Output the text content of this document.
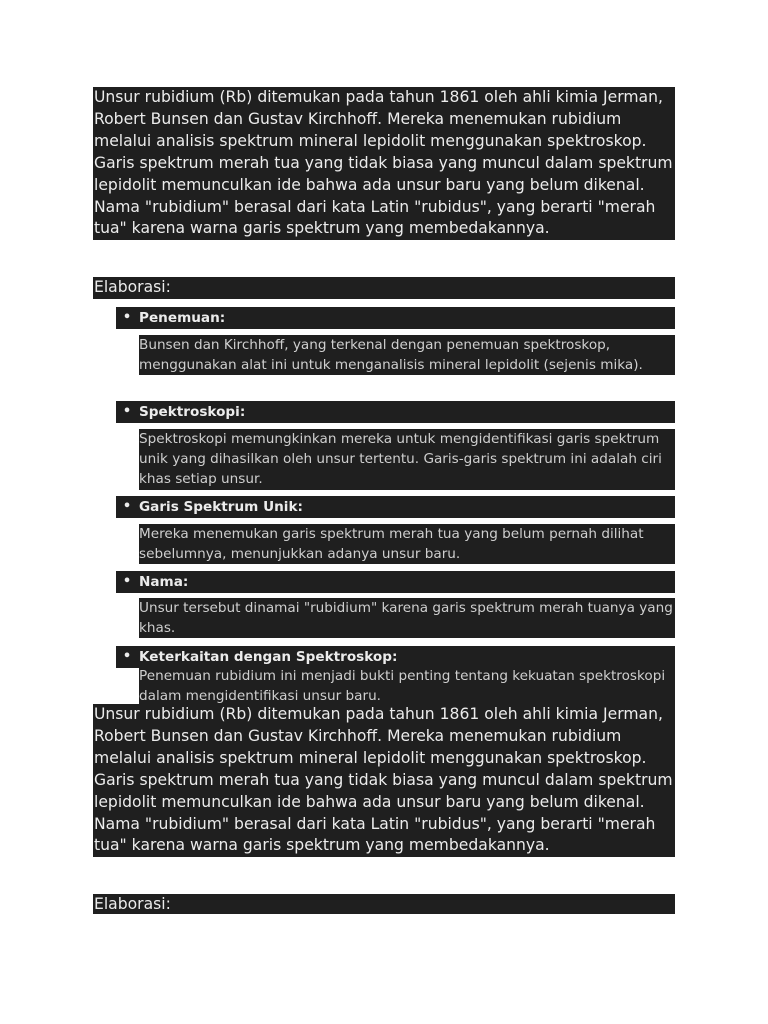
Unsur rubidium (Rb) ditemukan pada tahun 1861 oleh ahli kimia Jerman, Robert Bunsen dan Gustav Kirchhoff. Mereka menemukan rubidium melalui analisis spektrum mineral lepidolit menggunakan spektroskop. Garis spektrum merah tua yang tidak biasa yang muncul dalam spektrum lepidolit memunculkan ide bahwa ada unsur baru yang belum dikenal. Nama "rubidium" berasal dari kata Latin "rubidus", yang berarti "merah tua" karena warna garis spektrum yang membedakannya.

Elaborasi:
• Penemuan:

Bunsen dan Kirchhoff, yang terkenal dengan penemuan spektroskop, menggunakan alat ini untuk menganalisis mineral lepidolit (sejenis mika).

• Spektroskopi:

Spektroskopi memungkinkan mereka untuk mengidentifikasi garis spektrum unik yang dihasilkan oleh unsur tertentu. Garis-garis spektrum ini adalah ciri khas setiap unsur.

• Garis Spektrum Unik:

Mereka menemukan garis spektrum merah tua yang belum pernah dilihat sebelumnya, menunjukkan adanya unsur baru.

• Nama:

Unsur tersebut dinamai "rubidium" karena garis spektrum merah tuanya yang khas.

• Keterkaitan dengan Spektroskop:

Penemuan rubidium ini menjadi bukti penting tentang kekuatan spektroskopi dalam mengidentifikasi unsur baru.

Unsur rubidium (Rb) ditemukan pada tahun 1861 oleh ahli kimia Jerman, Robert Bunsen dan Gustav Kirchhoff. Mereka menemukan rubidium melalui analisis spektrum mineral lepidolit menggunakan spektroskop. Garis spektrum merah tua yang tidak biasa yang muncul dalam spektrum lepidolit memunculkan ide bahwa ada unsur baru yang belum dikenal. Nama "rubidium" berasal dari kata Latin "rubidus", yang berarti "merah tua" karena warna garis spektrum yang membedakannya.

Elaborasi:
